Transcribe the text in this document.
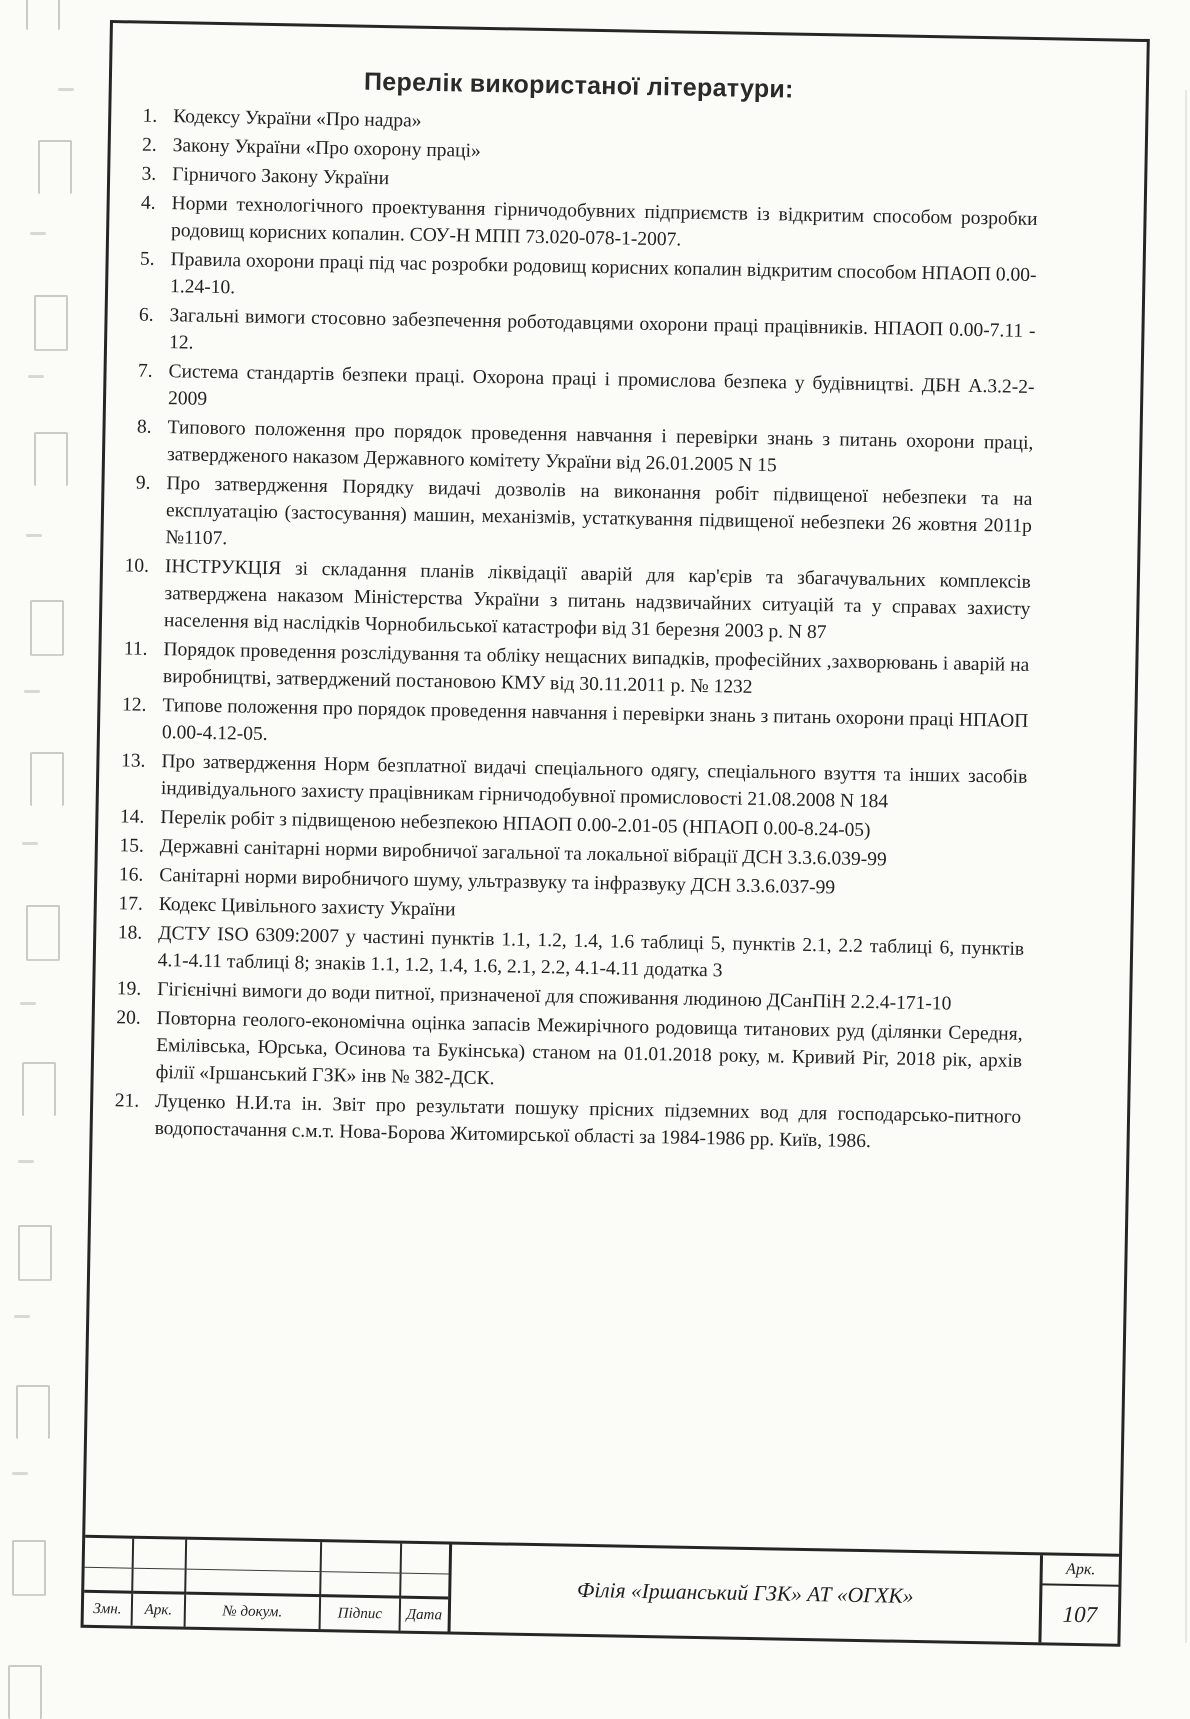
Перелік використаної літератури:
1. Кодексу України «Про надра»
2. Закону України «Про охорону праці»
3. Гірничого Закону України
4. Норми технологічного проектування гірничодобувних підприємств із відкритим способом розробки родовищ корисних копалин. СОУ-Н МПП 73.020-078-1-2007.
5. Правила охорони праці під час розробки родовищ корисних копалин відкритим способом НПАОП 0.00-1.24-10.
6. Загальні вимоги стосовно забезпечення роботодавцями охорони праці працівників. НПАОП 0.00-7.11 - 12.
7. Система стандартів безпеки праці. Охорона праці і промислова безпека у будівництві. ДБН А.3.2-2-2009
8. Типового положення про порядок проведення навчання і перевірки знань з питань охорони праці, затвердженого наказом Державного комітету України від 26.01.2005 N 15
9. Про затвердження Порядку видачі дозволів на виконання робіт підвищеної небезпеки та на експлуатацію (застосування) машин, механізмів, устаткування підвищеної небезпеки 26 жовтня 2011р №1107.
10. ІНСТРУКЦІЯ зі складання планів ліквідації аварій для кар'єрів та збагачувальних комплексів затверджена наказом Міністерства України з питань надзвичайних ситуацій та у справах захисту населення від наслідків Чорнобильської катастрофи від 31 березня 2003 р. N 87
11. Порядок проведення розслідування та обліку нещасних випадків, професійних ,захворювань і аварій на виробництві, затверджений постановою КМУ від 30.11.2011 р. № 1232
12. Типове положення про порядок проведення навчання і перевірки знань з питань охорони праці НПАОП 0.00-4.12-05.
13. Про затвердження Норм безплатної видачі спеціального одягу, спеціального взуття та інших засобів індивідуального захисту працівникам гірничодобувної промисловості 21.08.2008 N 184
14. Перелік робіт з підвищеною небезпекою НПАОП 0.00-2.01-05 (НПАОП 0.00-8.24-05)
15. Державні санітарні норми виробничої загальної та локальної вібрації ДСН 3.3.6.039-99
16. Санітарні норми виробничого шуму, ультразвуку та інфразвуку ДСН 3.3.6.037-99
17. Кодекс Цивільного захисту України
18. ДСТУ ISO 6309:2007 у частині пунктів 1.1, 1.2, 1.4, 1.6 таблиці 5, пунктів 2.1, 2.2 таблиці 6, пунктів 4.1-4.11 таблиці 8; знаків 1.1, 1.2, 1.4, 1.6, 2.1, 2.2, 4.1-4.11 додатка 3
19. Гігієнічні вимоги до води питної, призначеної для споживання людиною ДСанПіН 2.2.4-171-10
20. Повторна геолого-економічна оцінка запасів Межирічного родовища титанових руд (ділянки Середня, Емілівська, Юрська, Осинова та Букінська) станом на 01.01.2018 року, м. Кривий Ріг, 2018 рік, архів філії «Іршанський ГЗК» інв № 382-ДСК.
21. Луценко Н.И.та ін. Звіт про результати пошуку прісних підземних вод для господарсько-питного водопостачання с.м.т. Нова-Борова Житомирської області за 1984-1986 рр. Київ, 1986.
Змн.	Арк.	№ докум.	Підпис	Дата
Філія «Іршанський ГЗК» АТ «ОГХК»
Арк.
107
